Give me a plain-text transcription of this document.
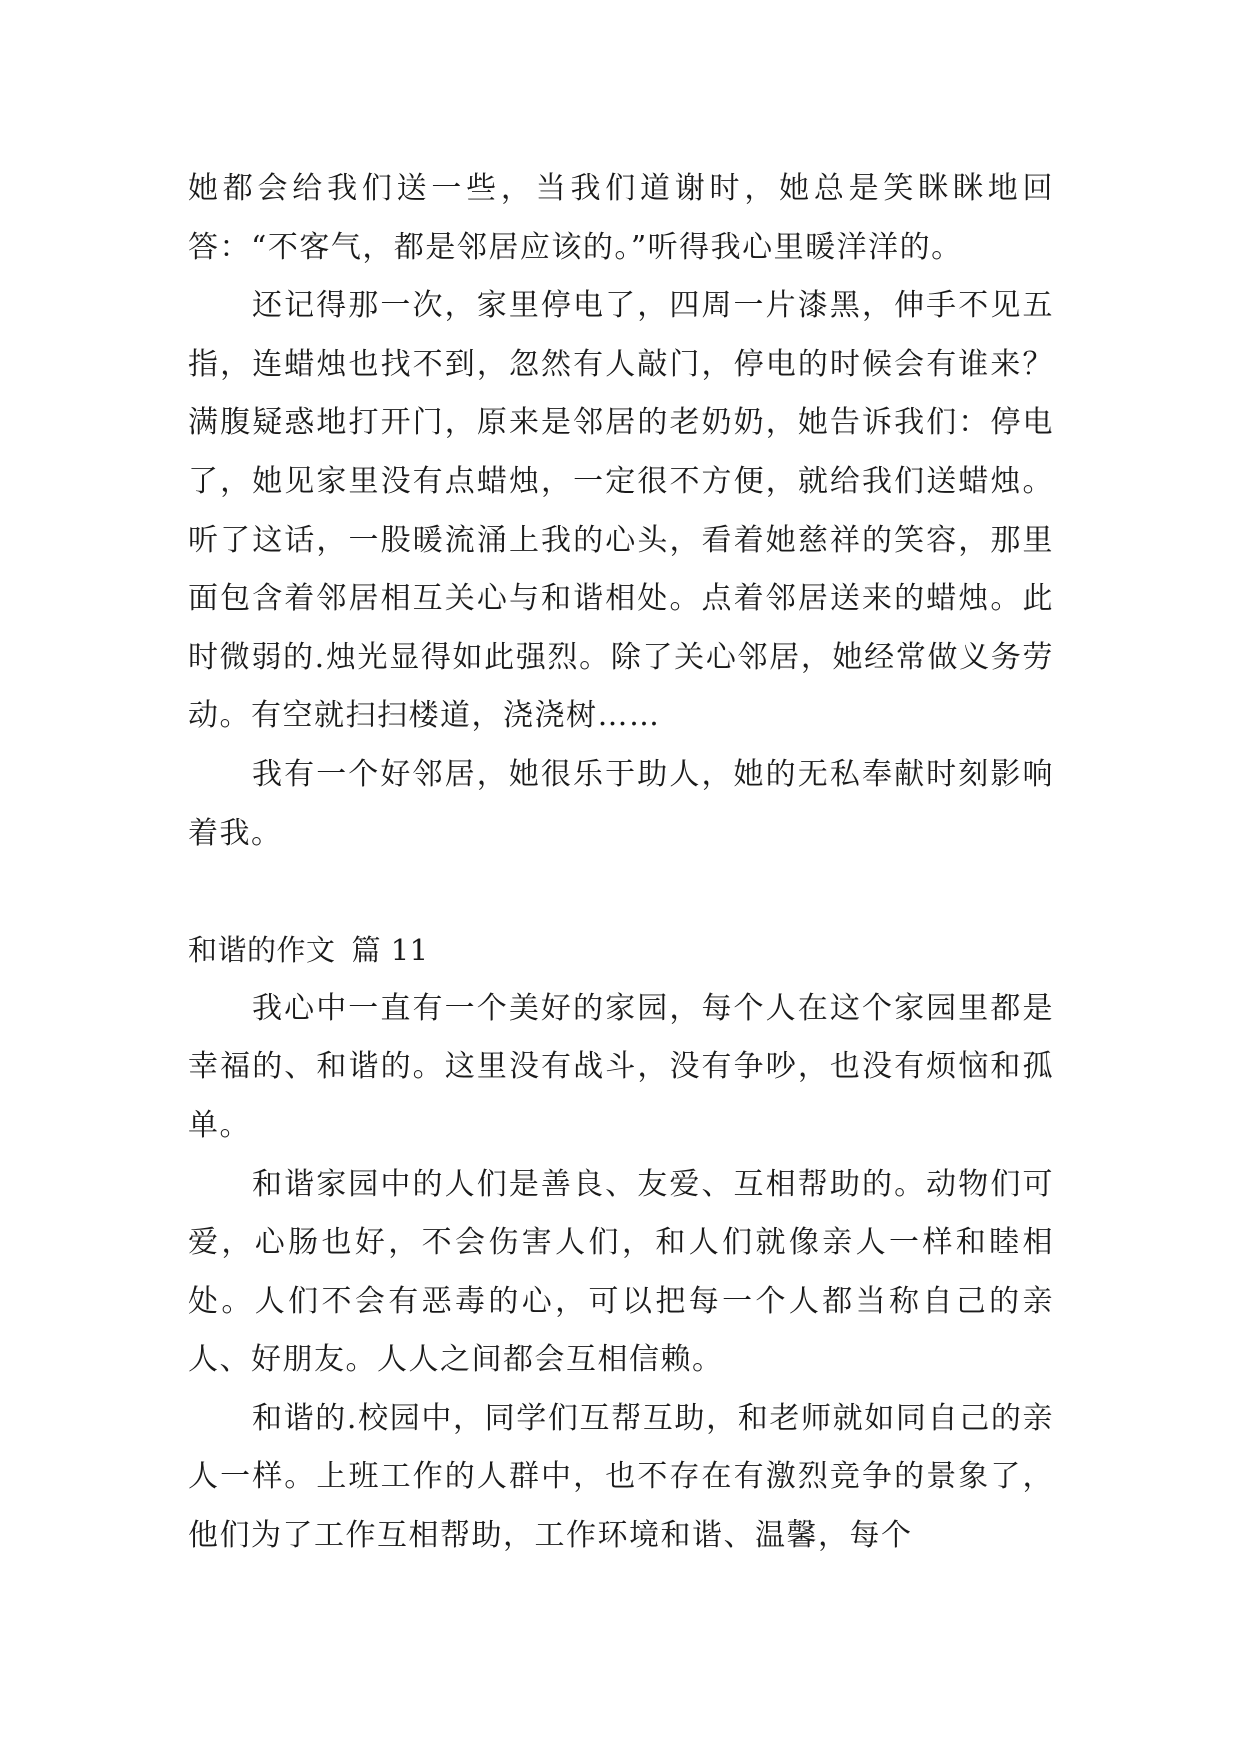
她都会给我们送一些，当我们道谢时，她总是笑眯眯地回答：“不客气，都是邻居应该的。”听得我心里暖洋洋的。

还记得那一次，家里停电了，四周一片漆黑，伸手不见五指，连蜡烛也找不到，忽然有人敲门，停电的时候会有谁来？满腹疑惑地打开门，原来是邻居的老奶奶，她告诉我们：停电了，她见家里没有点蜡烛，一定很不方便，就给我们送蜡烛。听了这话，一股暖流涌上我的心头，看着她慈祥的笑容，那里面包含着邻居相互关心与和谐相处。点着邻居送来的蜡烛。此时微弱的.烛光显得如此强烈。除了关心邻居，她经常做义务劳动。有空就扫扫楼道，浇浇树……

我有一个好邻居，她很乐于助人，她的无私奉献时刻影响着我。

和谐的作文 篇 11

我心中一直有一个美好的家园，每个人在这个家园里都是幸福的、和谐的。这里没有战斗，没有争吵，也没有烦恼和孤单。

和谐家园中的人们是善良、友爱、互相帮助的。动物们可爱，心肠也好，不会伤害人们，和人们就像亲人一样和睦相处。人们不会有恶毒的心，可以把每一个人都当称自己的亲人、好朋友。人人之间都会互相信赖。

和谐的.校园中，同学们互帮互助，和老师就如同自己的亲人一样。上班工作的人群中，也不存在有激烈竞争的景象了，他们为了工作互相帮助，工作环境和谐、温馨，每个
